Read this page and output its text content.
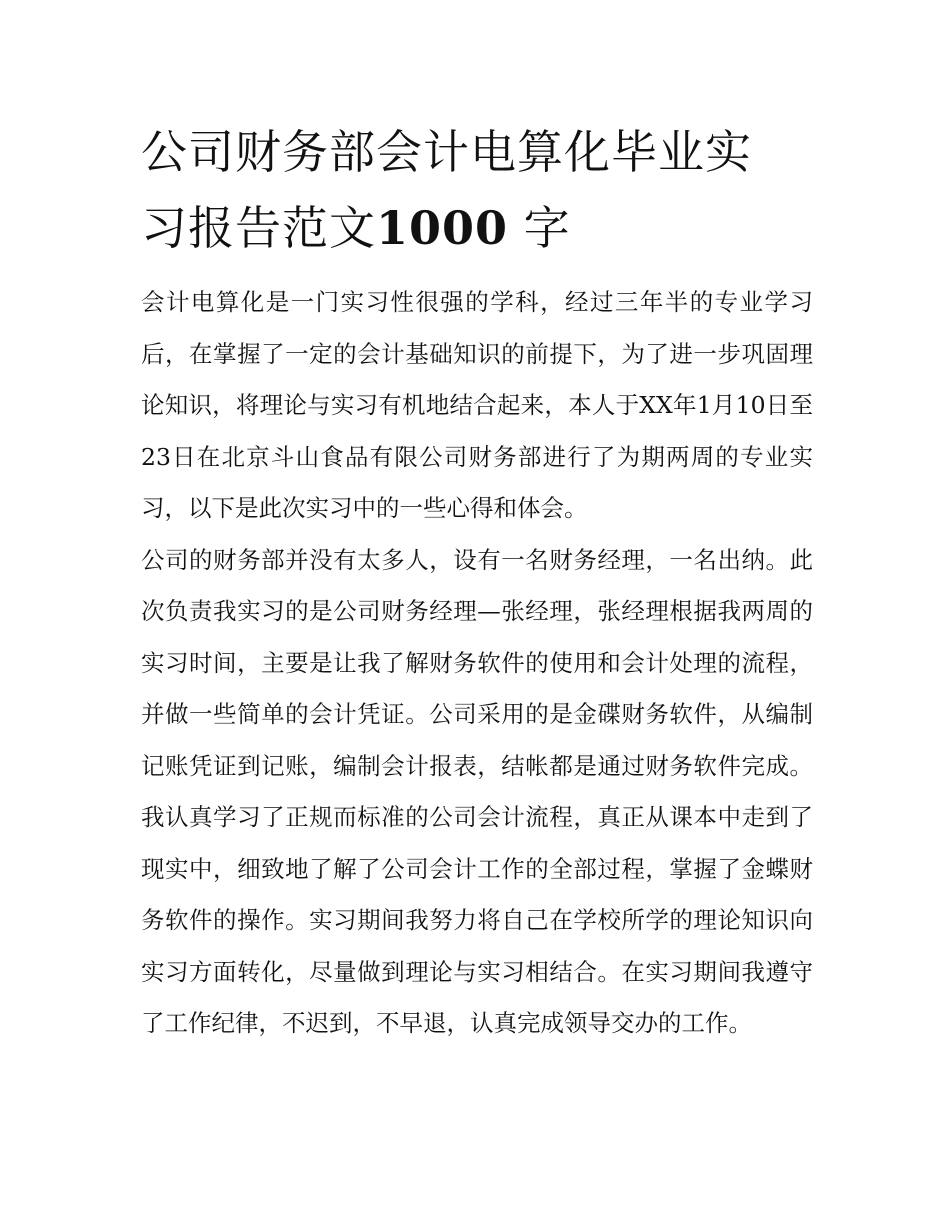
公司财务部会计电算化毕业实
习报告范文1000 字

会计电算化是一门实习性很强的学科，经过三年半的专业学习后，在掌握了一定的会计基础知识的前提下，为了进一步巩固理论知识，将理论与实习有机地结合起来，本人于XX年1月10日至23日在北京斗山食品有限公司财务部进行了为期两周的专业实习，以下是此次实习中的一些心得和体会。

公司的财务部并没有太多人，设有一名财务经理，一名出纳。此次负责我实习的是公司财务经理—张经理，张经理根据我两周的实习时间，主要是让我了解财务软件的使用和会计处理的流程，并做一些简单的会计凭证。公司采用的是金碟财务软件，从编制记账凭证到记账，编制会计报表，结帐都是通过财务软件完成。我认真学习了正规而标准的公司会计流程，真正从课本中走到了现实中，细致地了解了公司会计工作的全部过程，掌握了金蝶财务软件的操作。实习期间我努力将自己在学校所学的理论知识向实习方面转化，尽量做到理论与实习相结合。在实习期间我遵守了工作纪律，不迟到，不早退，认真完成领导交办的工作。
